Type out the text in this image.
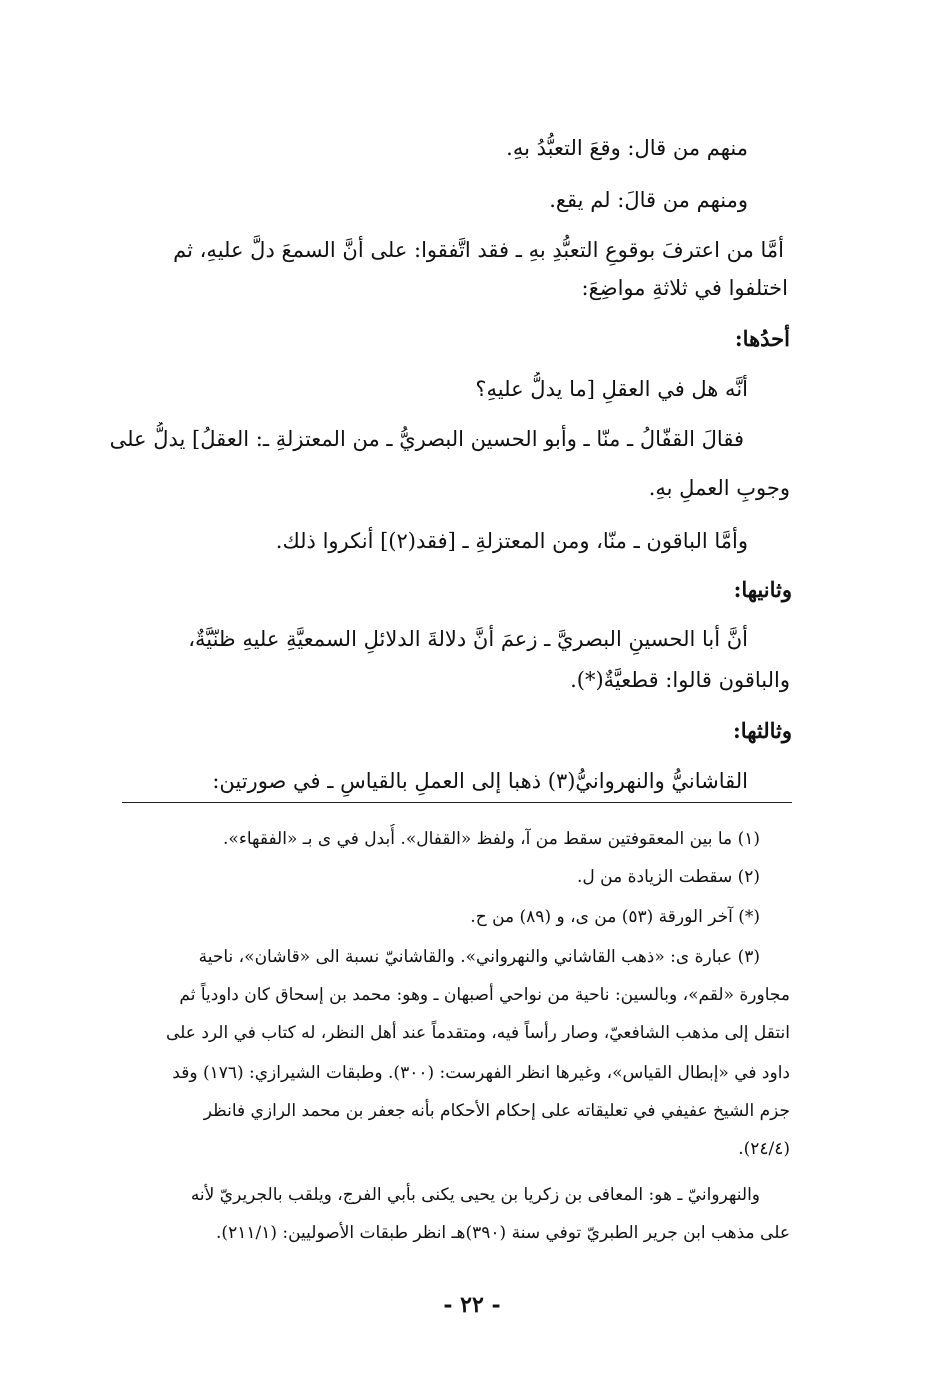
منهم من قال: وقعَ التعبُّدُ بهِ.

ومنهم من قالَ: لم يقع.

أمَّا من اعترفَ بوقوعِ التعبُّدِ بهِ ـ فقد اتَّفقوا: على أنَّ السمعَ دلَّ عليهِ، ثم

اختلفوا في ثلاثةِ مواضِعَ:

أحدُها:

أنَّه هل في العقلِ [ما يدلُّ عليهِ؟

فقالَ القفّالُ ـ منّا ـ وأبو الحسين البصريُّ ـ من المعتزلةِ ـ: العقلُ] يدلُّ على

وجوبِ العملِ بهِ.

وأمَّا الباقون ـ منّا، ومن المعتزلةِ ـ [فقد(٢)] أنكروا ذلك.

وثانيها:

أنَّ أبا الحسينِ البصريَّ ـ زعمَ أنَّ دلالةَ الدلائلِ السمعيَّةِ عليهِ ظنّيَّةٌ،

والباقون قالوا: قطعيَّةٌ(*).

وثالثها:

القاشانيُّ والنهروانيُّ(٣) ذهبا إلى العملِ بالقياسِ ـ في صورتين:

(١) ما بين المعقوفتين سقط من آ، ولفظ «القفال». أُبدل في ى بـ «الفقهاء».

(٢) سقطت الزيادة من ل.

(*) آخر الورقة (٥٣) من ى، و (٨٩) من ح.

(٣) عبارة ى: «ذهب القاشاني والنهرواني». والقاشانيّ نسبة الى «قاشان»، ناحية

مجاورة «لقم»، وبالسين: ناحية من نواحي أصبهان ـ وهو: محمد بن إسحاق كان داودياً ثم

انتقل إلى مذهب الشافعيّ، وصار رأساً فيه، ومتقدماً عند أهل النظر، له كتاب في الرد على

داود في «إبطال القياس»، وغيرها انظر الفهرست: (٣٠٠). وطبقات الشيرازي: (١٧٦) وقد

جزم الشيخ عفيفي في تعليقاته على إحكام الأحكام بأنه جعفر بن محمد الرازي فانظر

(٢٤/٤).

والنهروانيّ ـ هو: المعافى بن زكريا بن يحيى يكنى بأبي الفرج، ويلقب بالجريريّ لأنه

على مذهب ابن جرير الطبريّ توفي سنة (٣٩٠)هـ انظر طبقات الأصوليين: (٢١١/١).

- ٢٢ -
